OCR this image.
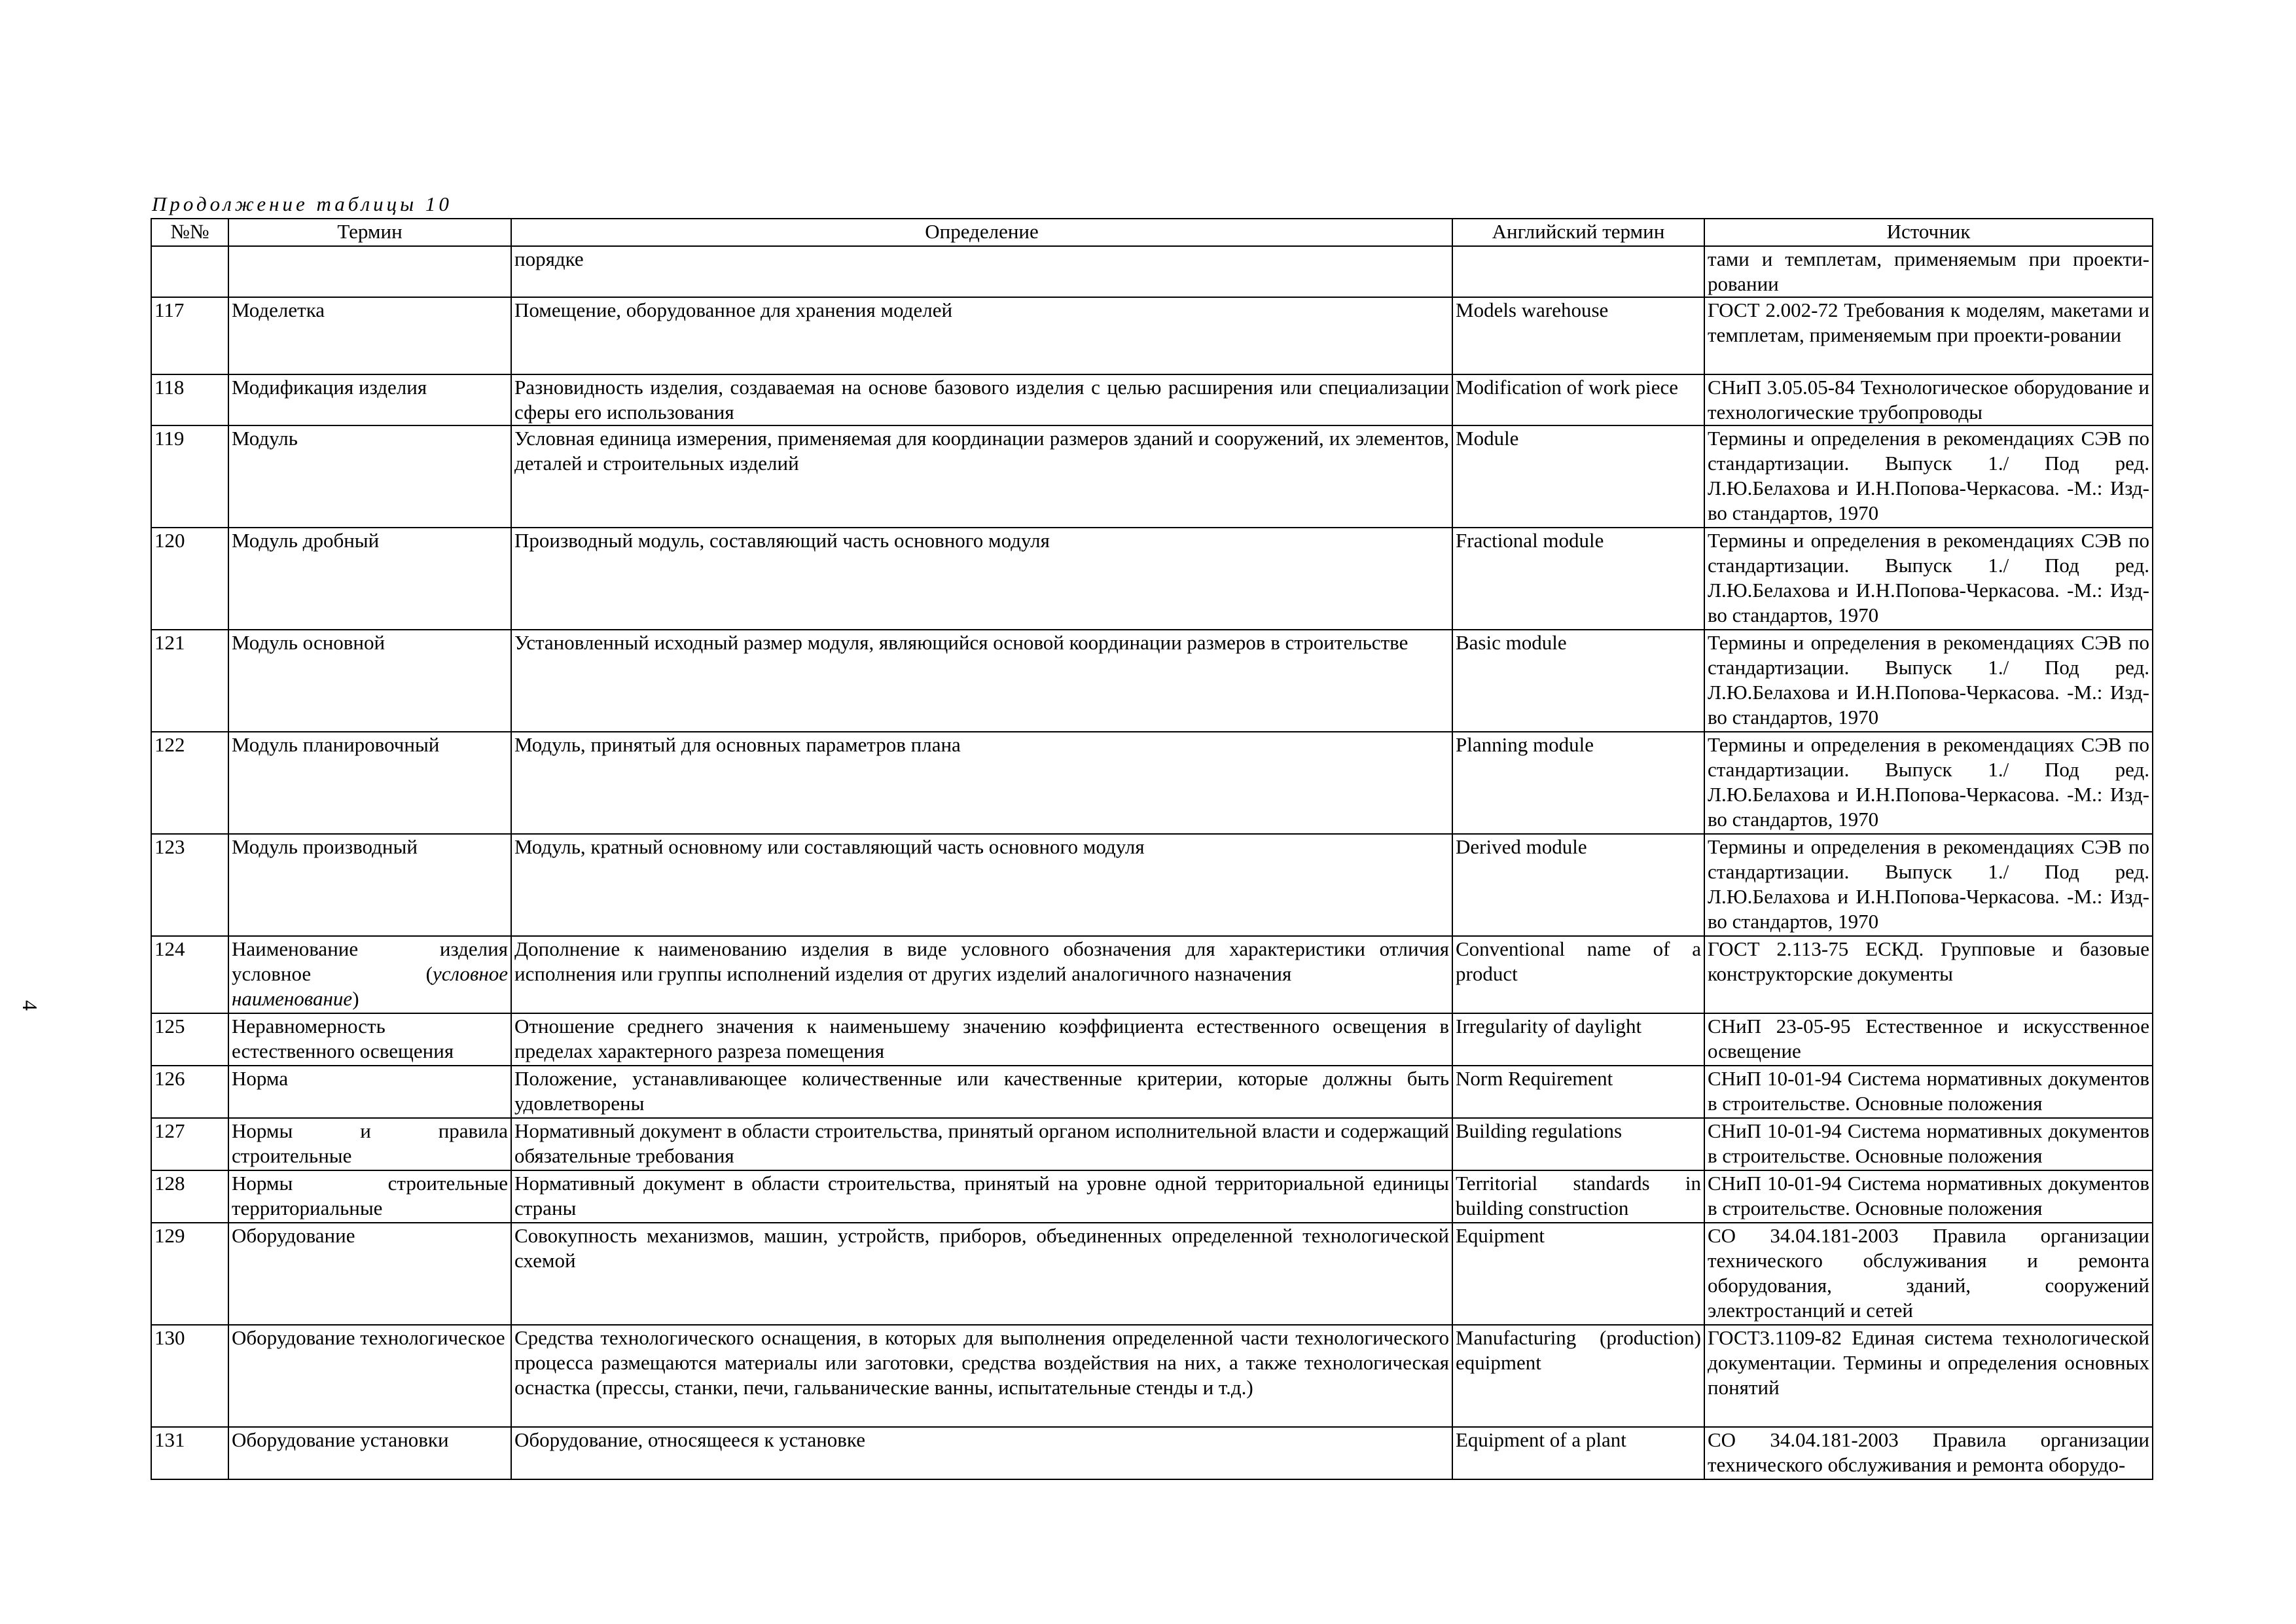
Продолжение таблицы 10
4
№№	Термин	Определение	Английский термин	Источник
		порядке		тами и темплетам, применяемым при проекти-ровании
117	Моделетка	Помещение, оборудованное для хранения моделей	Models warehouse	ГОСТ 2.002-72 Требования к моделям, макетами и темплетам, применяемым при проекти-ровании
118	Модификация изделия	Разновидность изделия, создаваемая на основе базового изделия с целью расширения или специализации сферы его использования	Modification of work piece	СНиП 3.05.05-84 Технологическое оборудование и технологические трубопроводы
119	Модуль	Условная единица измерения, применяемая для координации размеров зданий и сооружений, их элементов, деталей и строительных изделий	Module	Термины и определения в рекомендациях СЭВ по стандартизации. Выпуск 1./ Под ред. Л.Ю.Белахова и И.Н.Попова-Черкасова. -М.: Изд-во стандартов, 1970
120	Модуль дробный	Производный модуль, составляющий часть основного модуля	Fractional module	Термины и определения в рекомендациях СЭВ по стандартизации. Выпуск 1./ Под ред. Л.Ю.Белахова и И.Н.Попова-Черкасова. -М.: Изд-во стандартов, 1970
121	Модуль основной	Установленный исходный размер модуля, являющийся основой координации размеров в строительстве	Basic module	Термины и определения в рекомендациях СЭВ по стандартизации. Выпуск 1./ Под ред. Л.Ю.Белахова и И.Н.Попова-Черкасова. -М.: Изд-во стандартов, 1970
122	Модуль планировочный	Модуль, принятый для основных параметров плана	Planning module	Термины и определения в рекомендациях СЭВ по стандартизации. Выпуск 1./ Под ред. Л.Ю.Белахова и И.Н.Попова-Черкасова. -М.: Изд-во стандартов, 1970
123	Модуль производный	Модуль, кратный основному или составляющий часть основного модуля	Derived module	Термины и определения в рекомендациях СЭВ по стандартизации. Выпуск 1./ Под ред. Л.Ю.Белахова и И.Н.Попова-Черкасова. -М.: Изд-во стандартов, 1970
124	Наименование изделия условное (условное наименование)	Дополнение к наименованию изделия в виде условного обозначения для характеристики отличия исполнения или группы исполнений изделия от других изделий аналогичного назначения	Conventional name of a product	ГОСТ 2.113-75 ЕСКД. Групповые и базовые конструкторские документы
125	Неравномерность естественного освещения	Отношение среднего значения к наименьшему значению коэффициента естественного освещения в пределах характерного разреза помещения	Irregularity of daylight	СНиП 23-05-95 Естественное и искусственное освещение
126	Норма	Положение, устанавливающее количественные или качественные критерии, которые должны быть удовлетворены	Norm Requirement	СНиП 10-01-94 Система нормативных документов в строительстве. Основные положения
127	Нормы и правила строительные	Нормативный документ в области строительства, принятый органом исполнительной власти и содержащий обязательные требования	Building regulations	СНиП 10-01-94 Система нормативных документов в строительстве. Основные положения
128	Нормы строительные территориальные	Нормативный документ в области строительства, принятый на уровне одной территориальной единицы страны	Territorial standards in building construction	СНиП 10-01-94 Система нормативных документов в строительстве. Основные положения
129	Оборудование	Совокупность механизмов, машин, устройств, приборов, объединенных определенной технологической схемой	Equipment	СО 34.04.181-2003 Правила организации технического обслуживания и ремонта оборудования, зданий, сооружений электростанций и сетей
130	Оборудование технологическое	Средства технологического оснащения, в которых для выполнения определенной части технологического процесса размещаются материалы или заготовки, средства воздействия на них, а также технологическая оснастка (прессы, станки, печи, гальванические ванны, испытательные стенды и т.д.)	Manufacturing (production) equipment	ГОСТ3.1109-82 Единая система технологической документации. Термины и определения основных понятий
131	Оборудование установки	Оборудование, относящееся к установке	Equipment of a plant	СО 34.04.181-2003 Правила организации технического обслуживания и ремонта оборудо-
